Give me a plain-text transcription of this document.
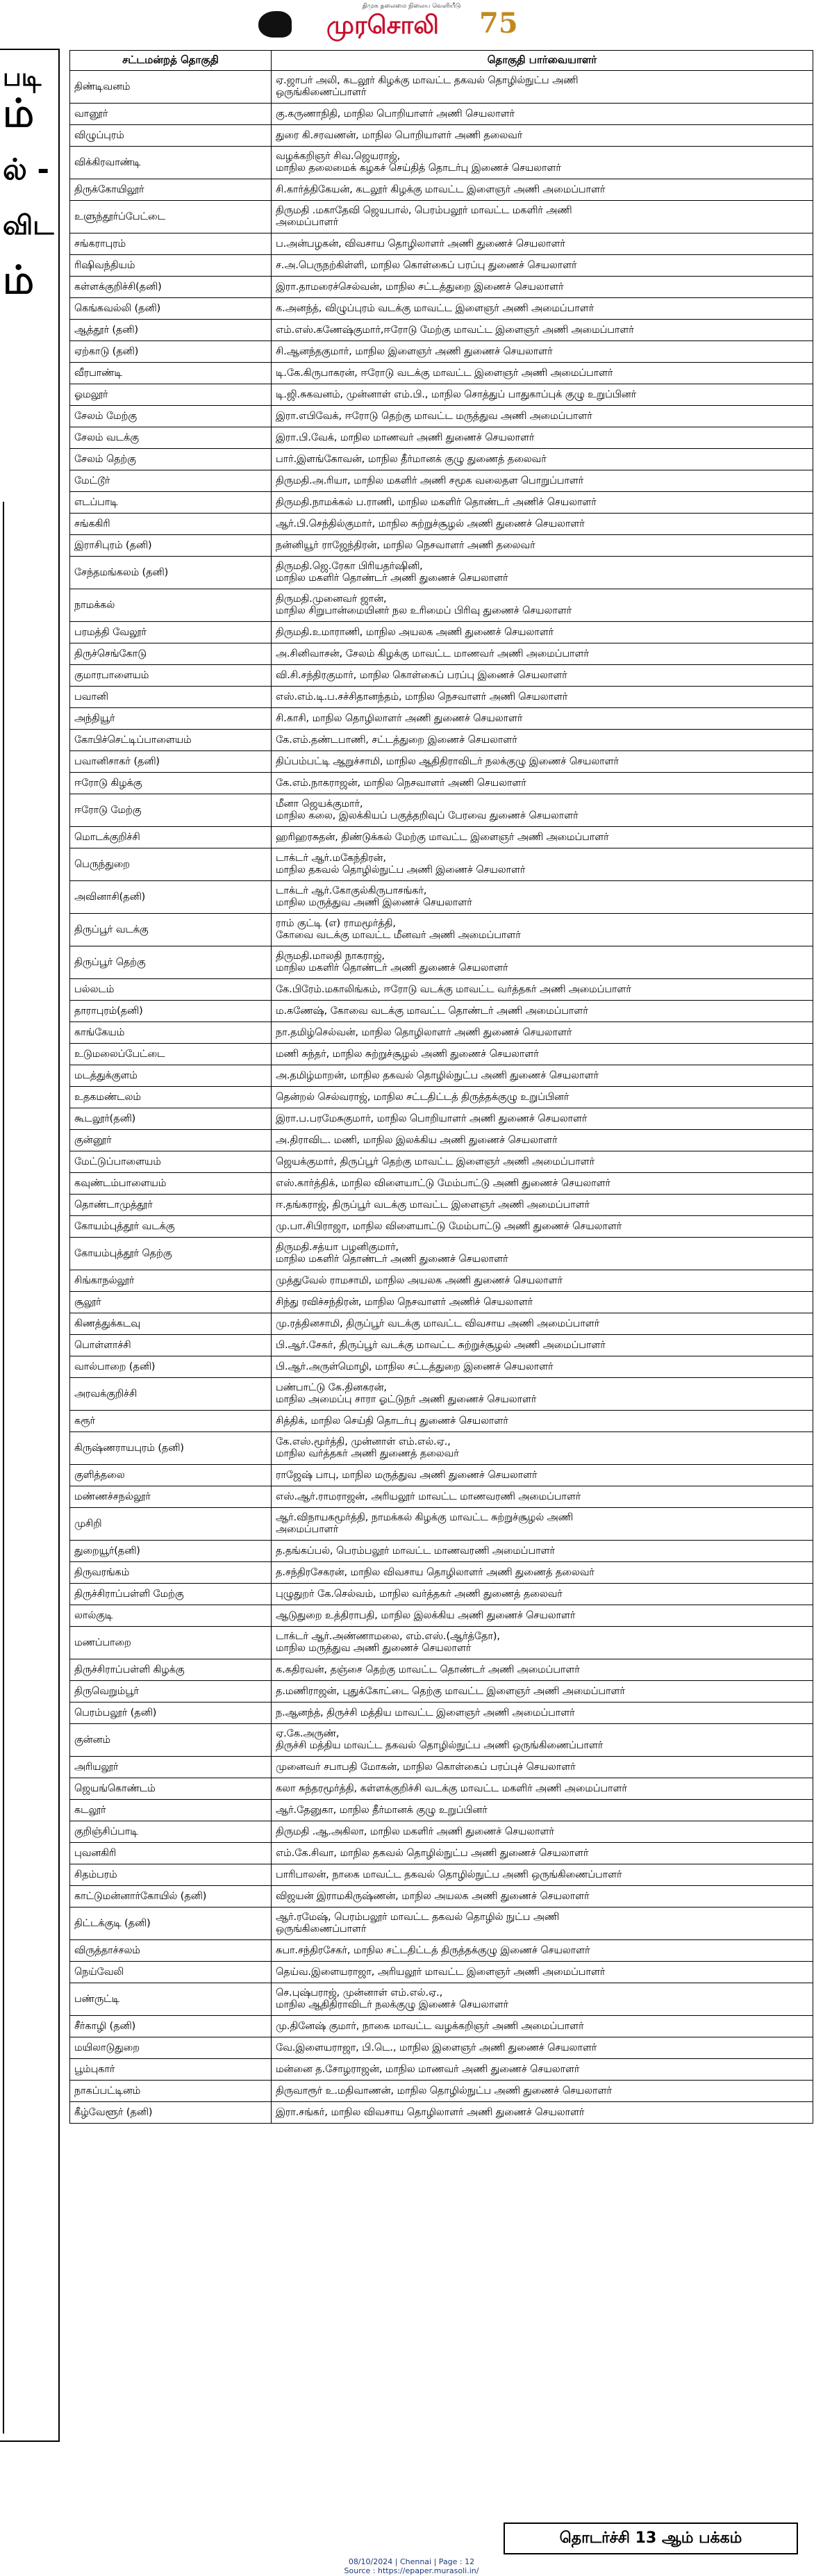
திமுக தலைமை நிலைய வெளியீடு
முரசொலி	75
படி
ம்
ல் -
விட
ம்
சட்டமன்றத் தொகுதி	தொகுதி பார்வையாளர்
திண்டிவனம்	ஏ.ஜாபர் அலி, கடலூர் கிழக்கு மாவட்ட தகவல் தொழில்நுட்ப அணி
ஒருங்கிணைப்பாளர்
வானூர்	கு.கருணாநிதி, மாநில பொறியாளர் அணி செயலாளர்
விழுப்புரம்	துரை கி.சரவணன், மாநில பொறியாளர் அணி தலைவர்
விக்கிரவாண்டி	வழக்கறிஞர் சிவ.ஜெயராஜ்,
மாநில தலைமைக் கழகச் செய்தித் தொடர்பு இணைச் செயலாளர்
திருக்கோயிலூர்	சி.கார்த்திகேயன், கடலூர் கிழக்கு மாவட்ட இளைஞர் அணி அமைப்பாளர்
உளுந்தூர்ப்பேட்டை	திருமதி .மகாதேவி ஜெயபால், பெரம்பலூர் மாவட்ட மகளிர் அணி
அமைப்பாளர்
சங்கராபுரம்	ப.அன்பழகன், விவசாய தொழிலாளர் அணி துணைச் செயலாளர்
ரிஷிவந்தியம்	ச.அ.பெருநற்கிள்ளி, மாநில கொள்கைப் பரப்பு துணைச் செயலாளர்
கள்ளக்குறிச்சி(தனி)	இரா.தாமரைச்செல்வன், மாநில சட்டத்துறை இணைச் செயலாளர்
கெங்கவல்லி (தனி)	க.அனந்த், விழுப்புரம் வடக்கு மாவட்ட இளைஞர் அணி அமைப்பாளர்
ஆத்தூர் (தனி)	எம்.எஸ்.கணேஷ்குமார்,ஈரோடு மேற்கு மாவட்ட இளைஞர் அணி அமைப்பாளர்
ஏற்காடு (தனி)	சி.ஆனந்தகுமார், மாநில இளைஞர் அணி துணைச் செயலாளர்
வீரபாண்டி	டி.கே.கிருபாகரன், ஈரோடு வடக்கு மாவட்ட இளைஞர் அணி அமைப்பாளர்
ஓமலூர்	டி.ஜி.சுகவனம், முன்னாள் எம்.பி., மாநில சொத்துப் பாதுகாப்புக் குழு உறுப்பினர்
சேலம் மேற்கு	இரா.எபிவேக், ஈரோடு தெற்கு மாவட்ட மருத்துவ அணி அமைப்பாளர்
சேலம் வடக்கு	இரா.பி.வேக், மாநில மாணவர் அணி துணைச் செயலாளர்
சேலம் தெற்கு	பார்.இளங்கோவன், மாநில தீர்மானக் குழு துணைத் தலைவர்
மேட்டூர்	திருமதி.அ.ரியா, மாநில மகளிர் அணி சமூக வலைதள பொறுப்பாளர்
எடப்பாடி	திருமதி.நாமக்கல் ப.ராணி, மாநில மகளிர் தொண்டர் அணிச் செயலாளர்
சங்ககிரி	ஆர்.பி.செந்தில்குமார், மாநில சுற்றுச்சூழல் அணி துணைச் செயலாளர்
இராசிபுரம் (தனி)	நன்னியூர் ராஜேந்திரன், மாநில நெசவாளர் அணி தலைவர்
சேந்தமங்கலம் (தனி)	திருமதி.ஜெ.ரேகா பிரியதர்ஷினி,
மாநில மகளிர் தொண்டர் அணி துணைச் செயலாளர்
நாமக்கல்	திருமதி.முனைவர் ஜான்,
மாநில சிறுபான்மையினர் நல உரிமைப் பிரிவு துணைச் செயலாளர்
பரமத்தி வேலூர்	திருமதி.உமாராணி, மாநில அயலக அணி துணைச் செயலாளர்
திருச்செங்கோடு	அ.சினிவாசன், சேலம் கிழக்கு மாவட்ட மாணவர் அணி அமைப்பாளர்
குமாரபாளையம்	வி.சி.சந்திரகுமார், மாநில கொள்கைப் பரப்பு இணைச் செயலாளர்
பவானி	எஸ்.எம்.டி.ப.சச்சிதானந்தம், மாநில நெசவாளர் அணி செயலாளர்
அந்தியூர்	சி.காசி, மாநில தொழிலாளர் அணி துணைச் செயலாளர்
கோபிச்செட்டிப்பாளையம்	கே.எம்.தண்டபாணி, சட்டத்துறை இணைச் செயலாளர்
பவானிசாகர் (தனி)	திப்பம்பட்டி ஆறுச்சாமி, மாநில ஆதிதிராவிடர் நலக்குழு இணைச் செயலாளர்
ஈரோடு கிழக்கு	கே.எம்.நாகராஜன், மாநில நெசவாளர் அணி செயலாளர்
ஈரோடு மேற்கு	மீனா ஜெயக்குமார்,
மாநில கலை, இலக்கியப் பகுத்தறிவுப் பேரவை துணைச் செயலாளர்
மொடக்குறிச்சி	ஹரிஹரசுதன், திண்டுக்கல் மேற்கு மாவட்ட இளைஞர் அணி அமைப்பாளர்
பெருந்துறை	டாக்டர் ஆர்.மகேந்திரன்,
மாநில தகவல் தொழில்நுட்ப அணி இணைச் செயலாளர்
அவினாசி(தனி)	டாக்டர் ஆர்.கோகுல்கிருபாசங்கர்,
மாநில மருத்துவ அணி இணைச் செயலாளர்
திருப்பூர் வடக்கு	ராம் குட்டி (எ) ராமமூர்த்தி,
கோவை வடக்கு மாவட்ட மீனவர் அணி அமைப்பாளர்
திருப்பூர் தெற்கு	திருமதி.மாலதி நாகராஜ்,
மாநில மகளிர் தொண்டர் அணி துணைச் செயலாளர்
பல்லடம்	கே.பிரேம்.மகாலிங்கம், ஈரோடு வடக்கு மாவட்ட வர்த்தகர் அணி அமைப்பாளர்
தாராபுரம்(தனி)	ம.கணேஷ், கோவை வடக்கு மாவட்ட தொண்டர் அணி அமைப்பாளர்
காங்கேயம்	நா.தமிழ்செல்வன், மாநில தொழிலாளர் அணி துணைச் செயலாளர்
உடுமலைப்பேட்டை	மணி சுந்தர், மாநில சுற்றுச்சூழல் அணி துணைச் செயலாளர்
மடத்துக்குளம்	அ.தமிழ்மாறன், மாநில தகவல் தொழில்நுட்ப அணி துணைச் செயலாளர்
உதகமண்டலம்	தென்றல் செல்வராஜ், மாநில சட்டதிட்டத் திருத்தக்குழு உறுப்பினர்
கூடலூர்(தனி)	இரா.ப.பரமேசுகுமார், மாநில பொறியாளர் அணி துணைச் செயலாளர்
குன்னூர்	அ.திராவிட. மணி, மாநில இலக்கிய அணி துணைச் செயலாளர்
மேட்டுப்பாளையம்	ஜெயக்குமார், திருப்பூர் தெற்கு மாவட்ட இளைஞர் அணி அமைப்பாளர்
கவுண்டம்பாளையம்	எஸ்.கார்த்திக், மாநில விளையாட்டு மேம்பாட்டு அணி துணைச் செயலாளர்
தொண்டாமுத்தூர்	ஈ.தங்கராஜ், திருப்பூர் வடக்கு மாவட்ட இளைஞர் அணி அமைப்பாளர்
கோயம்புத்தூர் வடக்கு	மு.பா.சிபிராஜா, மாநில விளையாட்டு மேம்பாட்டு அணி துணைச் செயலாளர்
கோயம்புத்தூர் தெற்கு	திருமதி.சத்யா பழனிகுமார்,
மாநில மகளிர் தொண்டர் அணி துணைச் செயலாளர்
சிங்காநல்லூர்	முத்துவேல் ராமசாமி, மாநில அயலக அணி துணைச் செயலாளர்
சூலூர்	சிந்து ரவிச்சந்திரன், மாநில நெசவாளர் அணிச் செயலாளர்
கிணத்துக்கடவு	மு.ரத்தினசாமி, திருப்பூர் வடக்கு மாவட்ட விவசாய அணி அமைப்பாளர்
பொள்ளாச்சி	பி.ஆர்.சேகர், திருப்பூர் வடக்கு மாவட்ட சுற்றுச்சூழல் அணி அமைப்பாளர்
வால்பாறை (தனி)	பி.ஆர்.அருள்மொழி, மாநில சட்டத்துறை இணைச் செயலாளர்
அரவக்குறிச்சி	பண்பாட்டு கே.தினகரன்,
மாநில அமைப்பு சாரா ஓட்டுநர் அணி துணைச் செயலாளர்
கரூர்	சித்திக், மாநில செய்தி தொடர்பு துணைச் செயலாளர்
கிருஷ்ணராயபுரம் (தனி)	கே.எஸ்.மூர்த்தி, முன்னாள் எம்.எல்.ஏ.,
மாநில வர்த்தகர் அணி துணைத் தலைவர்
குளித்தலை	ராஜேஷ் பாபு, மாநில மருத்துவ அணி துணைச் செயலாளர்
மண்ணச்சநல்லூர்	எஸ்.ஆர்.ராமராஜன், அரியலூர் மாவட்ட மாணவரணி அமைப்பாளர்
முசிறி	ஆர்.விநாயகமூர்த்தி, நாமக்கல் கிழக்கு மாவட்ட சுற்றுச்சூழல் அணி
அமைப்பாளர்
துறையூர்(தனி)	த.தங்கப்பல், பெரம்பலூர் மாவட்ட மாணவரணி அமைப்பாளர்
திருவரங்கம்	த.சந்திரசேகரன், மாநில விவசாய தொழிலாளர் அணி துணைத் தலைவர்
திருச்சிராப்பள்ளி மேற்கு	புழுதுறர் கே.செல்வம், மாநில வர்த்தகர் அணி துணைத் தலைவர்
லால்குடி	ஆடுதுறை உத்திராபதி, மாநில இலக்கிய அணி துணைச் செயலாளர்
மணப்பாறை	டாக்டர் ஆர்.அண்ணாமலை, எம்.எஸ்.(ஆர்த்தோ),
மாநில மருத்துவ அணி துணைச் செயலாளர்
திருச்சிராப்பள்ளி கிழக்கு	க.கதிரவன், தஞ்சை தெற்கு மாவட்ட தொண்டர் அணி அமைப்பாளர்
திருவெறும்பூர்	த.மணிராஜன், புதுக்கோட்டை தெற்கு மாவட்ட இளைஞர் அணி அமைப்பாளர்
பெரம்பலூர் (தனி)	ந.ஆனந்த், திருச்சி மத்திய மாவட்ட இளைஞர் அணி அமைப்பாளர்
குன்னம்	ஏ.கே.அருண்,
திருச்சி மத்திய மாவட்ட தகவல் தொழில்நுட்ப அணி ஒருங்கிணைப்பாளர்
அரியலூர்	முனைவர் சபாபதி மோகன், மாநில கொள்கைப் பரப்புச் செயலாளர்
ஜெயங்கொண்டம்	கலா சுந்தரமூர்த்தி, கள்ளக்குறிச்சி வடக்கு மாவட்ட மகளிர் அணி அமைப்பாளர்
கடலூர்	ஆர்.தேனுகா, மாநில தீர்மானக் குழு உறுப்பினர்
குறிஞ்சிப்பாடி	திருமதி .ஆ.அகிலா, மாநில மகளிர் அணி துணைச் செயலாளர்
புவனகிரி	எம்.கே.சிவா, மாநில தகவல் தொழில்நுட்ப அணி துணைச் செயலாளர்
சிதம்பரம்	பாரிபாலன், நாகை மாவட்ட தகவல் தொழில்நுட்ப அணி ஒருங்கிணைப்பாளர்
காட்டுமன்னார்கோயில் (தனி)	விஜயன் இராமகிருஷ்ணன், மாநில அயலக அணி துணைச் செயலாளர்
திட்டக்குடி (தனி)	ஆர்.ரமேஷ், பெரம்பலூர் மாவட்ட தகவல் தொழில் நுட்ப அணி
ஒருங்கிணைப்பாளர்
விருத்தாச்சலம்	சுபா.சந்திரசேகர், மாநில சட்டதிட்டத் திருத்தக்குழு இணைச் செயலாளர்
நெய்வேலி	தெய்வ.இளையராஜா, அரியலூர் மாவட்ட இளைஞர் அணி அமைப்பாளர்
பண்ருட்டி	செ.புஷ்பராஜ், முன்னாள் எம்.எல்.ஏ.,
மாநில ஆதிதிராவிடர் நலக்குழு இணைச் செயலாளர்
சீர்காழி (தனி)	மு.தினேஷ் குமார், நாகை மாவட்ட வழக்கறிஞர் அணி அமைப்பாளர்
மயிலாடுதுறை	வே.இளையராஜா, பி.டெ., மாநில இளைஞர் அணி துணைச் செயலாளர்
பூம்புகார்	மன்னை த.சோழராஜன், மாநில மாணவர் அணி துணைச் செயலாளர்
நாகப்பட்டினம்	திருவாரூர் உ.மதிவாணன், மாநில தொழில்நுட்ப அணி துணைச் செயலாளர்
கீழ்வேளூர் (தனி)	இரா.சங்கர், மாநில விவசாய தொழிலாளர் அணி துணைச் செயலாளர்
தொடர்ச்சி 13 ஆம் பக்கம்
08/10/2024 | Chennai | Page : 12
Source : https://epaper.murasoli.in/
